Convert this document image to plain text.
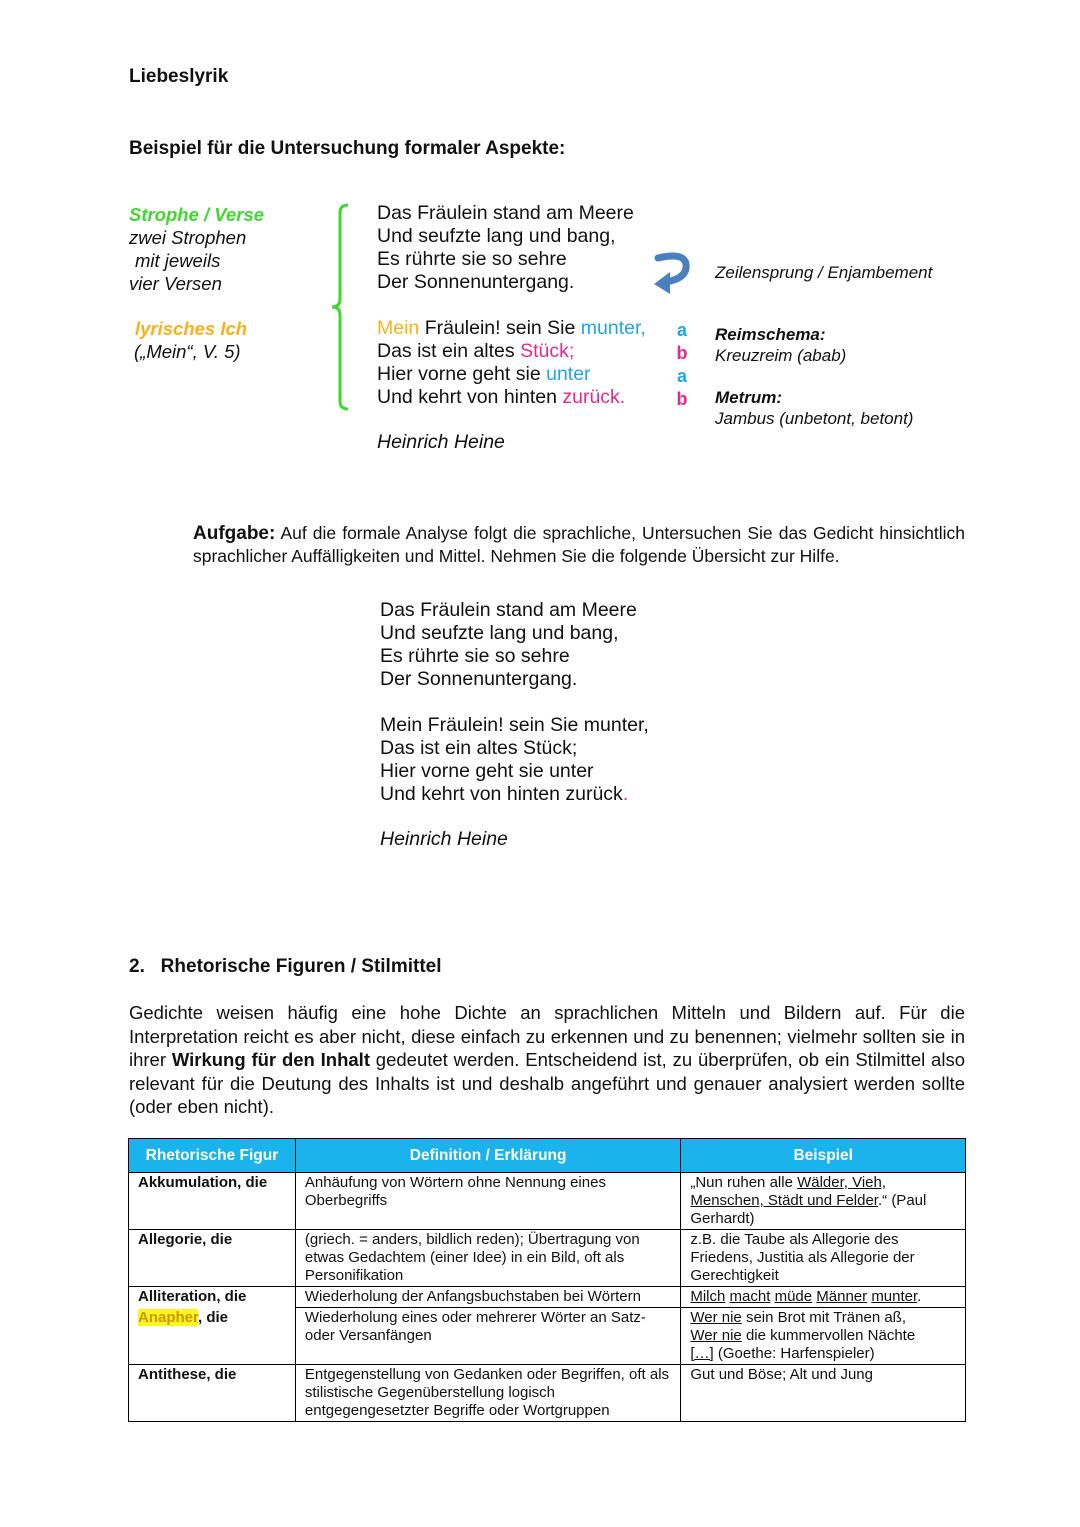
Liebeslyrik
Beispiel für die Untersuchung formaler Aspekte:
Strophe / Verse
zwei Strophen
mit jeweils
vier Versen
lyrisches Ich
(„Mein“, V. 5)
Das Fräulein stand am Meere
Und seufzte lang und bang,
Es rührte sie so sehre
Der Sonnenuntergang.
Mein Fräulein! sein Sie munter,
Das ist ein altes Stück;
Hier vorne geht sie unter
Und kehrt von hinten zurück.
Heinrich Heine
a
b
a
b
Zeilensprung / Enjambement
Reimschema:
Kreuzreim (abab)
Metrum:
Jambus (unbetont, betont)
Aufgabe: Auf die formale Analyse folgt die sprachliche, Untersuchen Sie das Gedicht hinsichtlich sprachlicher Auffälligkeiten und Mittel. Nehmen Sie die folgende Übersicht zur Hilfe.
Das Fräulein stand am Meere
Und seufzte lang und bang,
Es rührte sie so sehre
Der Sonnenuntergang.
Mein Fräulein! sein Sie munter,
Das ist ein altes Stück;
Hier vorne geht sie unter
Und kehrt von hinten zurück.
Heinrich Heine
2.   Rhetorische Figuren / Stilmittel
Gedichte weisen häufig eine hohe Dichte an sprachlichen Mitteln und Bildern auf. Für die Interpretation reicht es aber nicht, diese einfach zu erkennen und zu benennen; vielmehr sollten sie in ihrer Wirkung für den Inhalt gedeutet werden. Entscheidend ist, zu überprüfen, ob ein Stilmittel also relevant für die Deutung des Inhalts ist und deshalb angeführt und genauer analysiert werden sollte (oder eben nicht).
Rhetorische Figur	Definition / Erklärung	Beispiel
Akkumulation, die	Anhäufung von Wörtern ohne Nennung eines Oberbegriffs	„Nun ruhen alle Wälder, Vieh, Menschen, Städt und Felder.“ (Paul Gerhardt)
Allegorie, die	(griech. = anders, bildlich reden); Übertragung von etwas Gedachtem (einer Idee) in ein Bild, oft als Personifikation	z.B. die Taube als Allegorie des Friedens, Justitia als Allegorie der Gerechtigkeit
Alliteration, die	Wiederholung der Anfangsbuchstaben bei Wörtern	Milch macht müde Männer munter.
Anapher, die	Wiederholung eines oder mehrerer Wörter an Satz- oder Versanfängen	Wer nie sein Brot mit Tränen aß,
Wer nie die kummervollen Nächte
[…] (Goethe: Harfenspieler)

Antithese, die	Entgegenstellung von Gedanken oder Begriffen, oft als stilistische Gegenüberstellung logisch entgegengesetzter Begriffe oder Wortgruppen	Gut und Böse; Alt und Jung
